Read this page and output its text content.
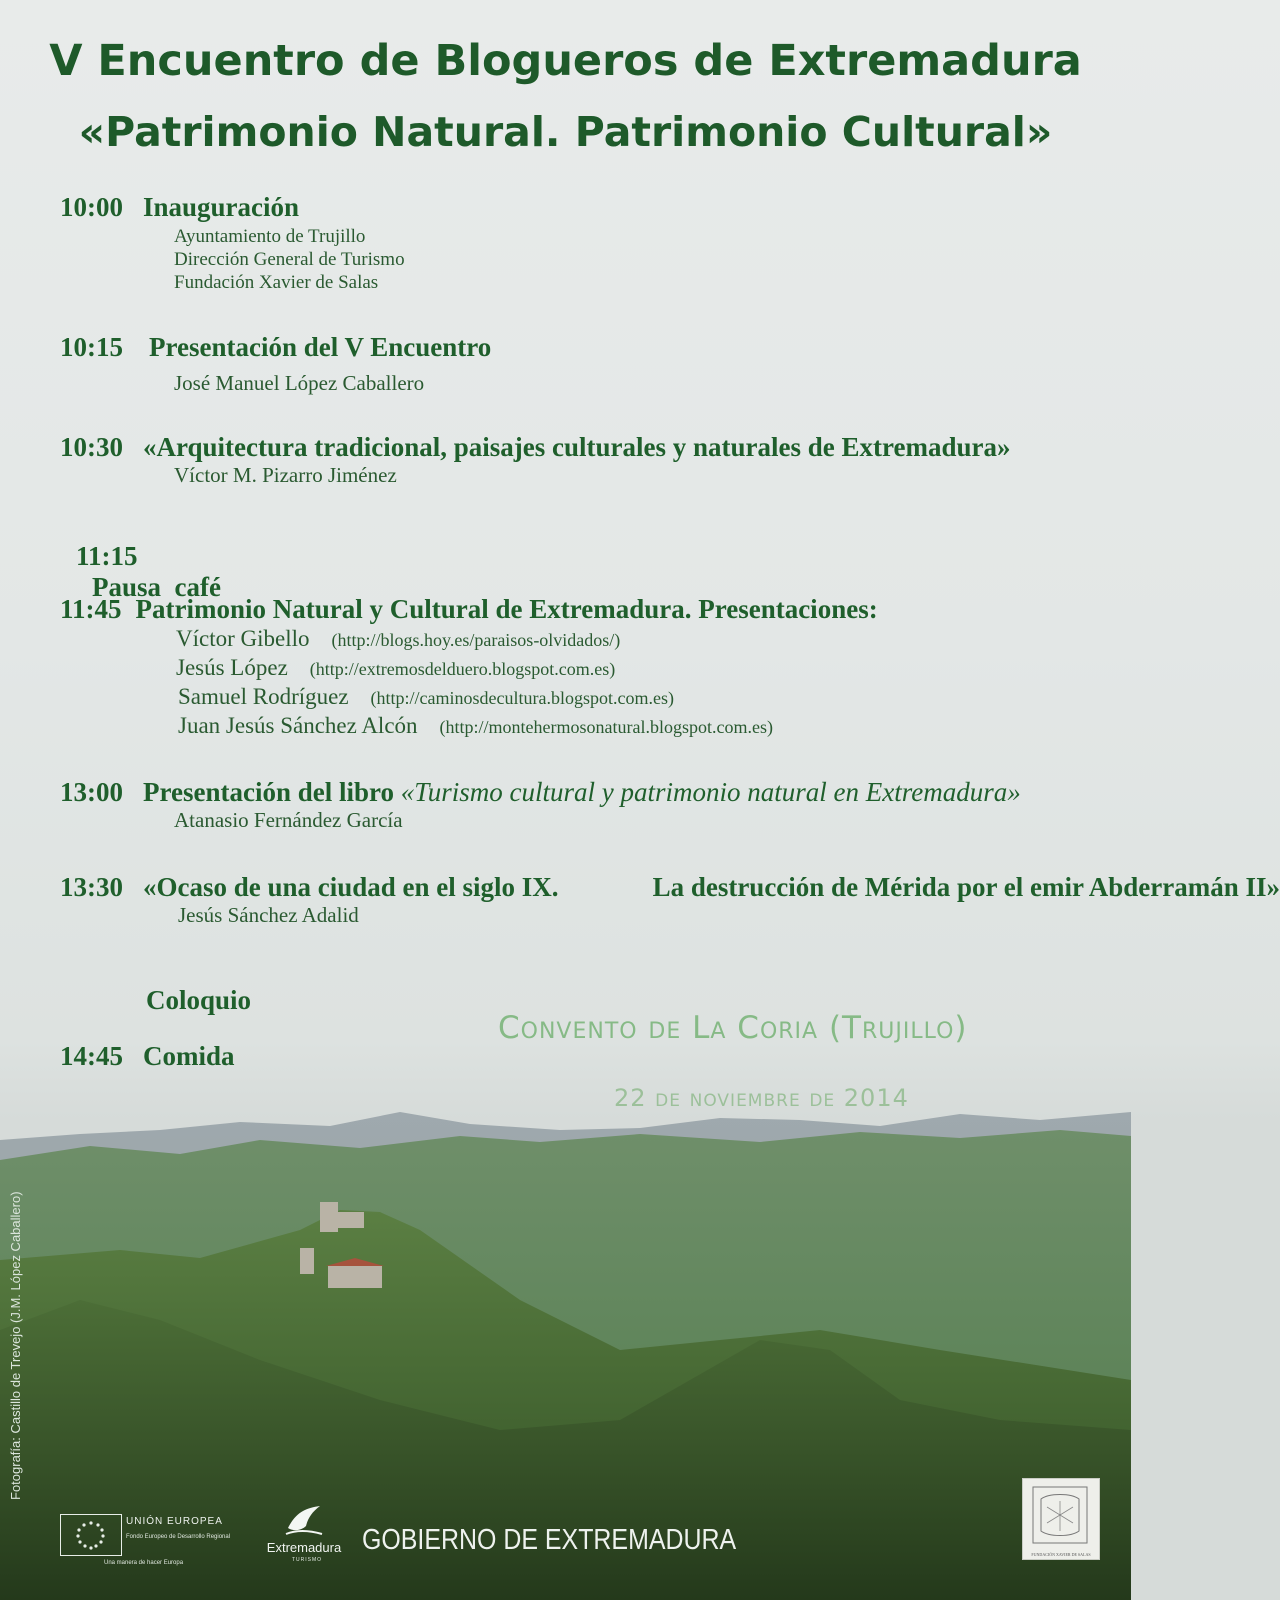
V Encuentro de Blogueros de Extremadura
«Patrimonio Natural. Patrimonio Cultural»
10:00 Inauguración
Ayuntamiento de Trujillo
Dirección General de Turismo
Fundación Xavier de Salas
10:15 Presentación del V Encuentro
José Manuel López Caballero
10:30 «Arquitectura tradicional, paisajes culturales y naturales de Extremadura»
Víctor M. Pizarro Jiménez

11:15
Pausa  café

11:45 Patrimonio Natural y Cultural de Extremadura. Presentaciones:
Víctor Gibello (http://blogs.hoy.es/paraisos-olvidados/)
Jesús López (http://extremosdelduero.blogspot.com.es)
Samuel Rodríguez (http://caminosdecultura.blogspot.com.es)
Juan Jesús Sánchez Alcón (http://montehermosonatural.blogspot.com.es)
13:00 Presentación del libro «Turismo cultural y patrimonio natural en Extremadura»
Atanasio Fernández García
13:30 «Ocaso de una ciudad en el siglo IX.	La destrucción de Mérida por el emir Abderramán II»
Jesús Sánchez Adalid
Coloquio
14:45 Comida
Convento de La Coria (Trujillo)
22 de noviembre de 2014
Fotografía: Castillo de Trevejo (J.M. López Caballero)
UNIÓN EUROPEA
Fondo Europeo de Desarrollo Regional
Una manera de hacer Europa
Extremadura
TURISMO
GOBIERNO DE EXTREMADURA	FUNDACIÓN XAVIER DE SALAS
